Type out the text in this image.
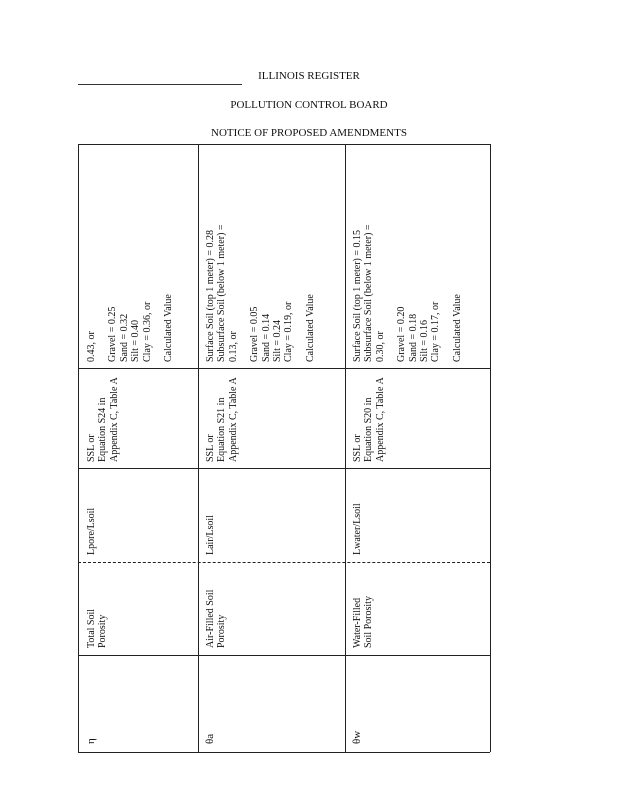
ILLINOIS REGISTER
POLLUTION CONTROL BOARD
NOTICE OF PROPOSED AMENDMENTS
η
Total Soil Porosity
Lpore/Lsoil
SSL or Equation S24 in Appendix C, Table A
0.43, or Gravel = 0.25 Sand = 0.32 Silt = 0.40 Clay = 0.36, or Calculated Value
θa
Air-Filled Soil Porosity
Lair/Lsoil
SSL or Equation S21 in Appendix C, Table A
Surface Soil (top 1 meter) = 0.28 Subsurface Soil (below 1 meter) = 0.13, or Gravel = 0.05 Sand = 0.14 Silt = 0.24 Clay = 0.19, or Calculated Value
θw
Water-Filled Soil Porosity
Lwater/Lsoil
SSL or Equation S20 in Appendix C, Table A
Surface Soil (top 1 meter) = 0.15 Subsurface Soil (below 1 meter) = 0.30, or Gravel = 0.20 Sand = 0.18 Silt = 0.16 Clay = 0.17, or Calculated Value
